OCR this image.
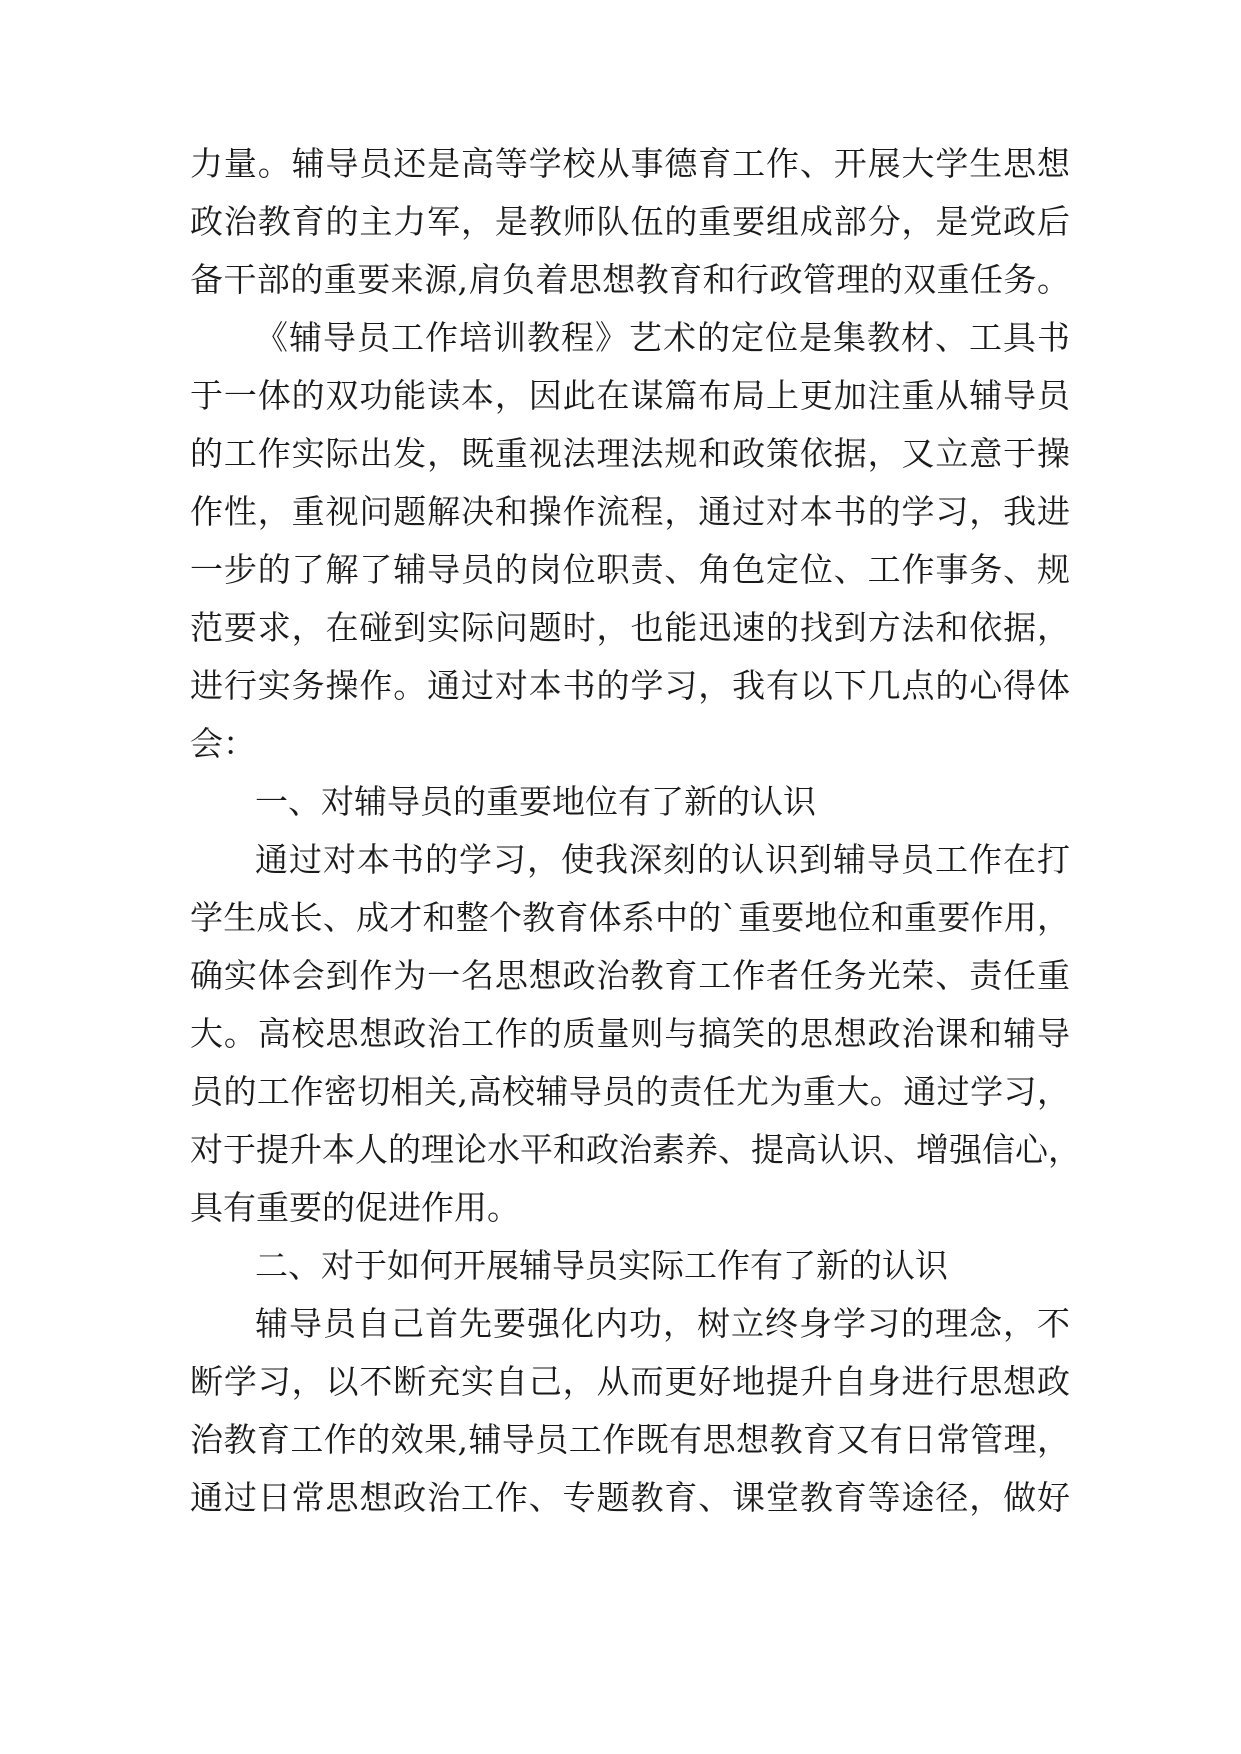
力量。辅导员还是高等学校从事德育工作、开展大学生思想
政治教育的主力军，是教师队伍的重要组成部分，是党政后
备干部的重要来源,肩负着思想教育和行政管理的双重任务。
《辅导员工作培训教程》艺术的定位是集教材、工具书
于一体的双功能读本，因此在谋篇布局上更加注重从辅导员
的工作实际出发，既重视法理法规和政策依据，又立意于操
作性，重视问题解决和操作流程，通过对本书的学习，我进
一步的了解了辅导员的岗位职责、角色定位、工作事务、规
范要求，在碰到实际问题时，也能迅速的找到方法和依据，
进行实务操作。通过对本书的学习，我有以下几点的心得体
会：
一、对辅导员的重要地位有了新的认识
通过对本书的学习，使我深刻的认识到辅导员工作在打
学生成长、成才和整个教育体系中的`重要地位和重要作用，
确实体会到作为一名思想政治教育工作者任务光荣、责任重
大。高校思想政治工作的质量则与搞笑的思想政治课和辅导
员的工作密切相关,高校辅导员的责任尤为重大。通过学习，
对于提升本人的理论水平和政治素养、提高认识、增强信心，
具有重要的促进作用。
二、对于如何开展辅导员实际工作有了新的认识
辅导员自己首先要强化内功，树立终身学习的理念，不
断学习，以不断充实自己，从而更好地提升自身进行思想政
治教育工作的效果,辅导员工作既有思想教育又有日常管理，
通过日常思想政治工作、专题教育、课堂教育等途径，做好
